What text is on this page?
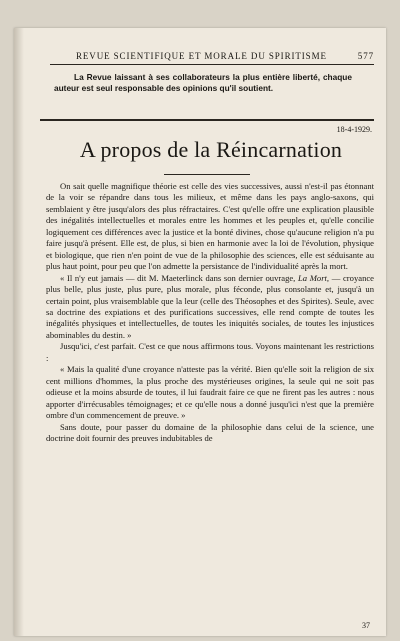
REVUE SCIENTIFIQUE ET MORALE DU SPIRITISME	577
La Revue laissant à ses collaborateurs la plus entière liberté, chaque auteur est seul responsable des opinions qu'il soutient.
18-4-1929.
A propos de la Réincarnation

On sait quelle magnifique théorie est celle des vies successives, aussi n'est-il pas étonnant de la voir se répandre dans tous les milieux, et même dans les pays anglo-saxons, qui semblaient y être jusqu'alors des plus réfractaires. C'est qu'elle offre une explication plausible des inégalités intellectuelles et morales entre les hommes et les peuples et, qu'elle concilie logiquement ces différences avec la justice et la bonté divines, chose qu'aucune religion n'a pu faire jusqu'à présent. Elle est, de plus, si bien en harmonie avec la loi de l'évolution, physique et biologique, que rien n'en point de vue de la philosophie des sciences, elle est séduisante au plus haut point, pour peu que l'on admette la persistance de l'individualité après la mort.

« Il n'y eut jamais — dit M. Maeterlinck dans son dernier ouvrage, La Mort, — croyance plus belle, plus juste, plus pure, plus morale, plus féconde, plus consolante et, jusqu'à un certain point, plus vraisemblable que la leur (celle des Théosophes et des Spirites). Seule, avec sa doctrine des expiations et des purifications successives, elle rend compte de toutes les inégalités physiques et intellectuelles, de toutes les iniquités sociales, de toutes les injustices abominables du destin. »

Jusqu'ici, c'est parfait. C'est ce que nous affirmons tous. Voyons maintenant les restrictions :

« Mais la qualité d'une croyance n'atteste pas la vérité. Bien qu'elle soit la religion de six cent millions d'hommes, la plus proche des mystérieuses origines, la seule qui ne soit pas odieuse et la moins absurde de toutes, il lui faudrait faire ce que ne firent pas les autres : nous apporter d'irrécusables témoignages; et ce qu'elle nous a donné jusqu'ici n'est que la première ombre d'un commencement de preuve. »

Sans doute, pour passer du domaine de la philosophie dans celui de la science, une doctrine doit fournir des preuves indubitables de

37
